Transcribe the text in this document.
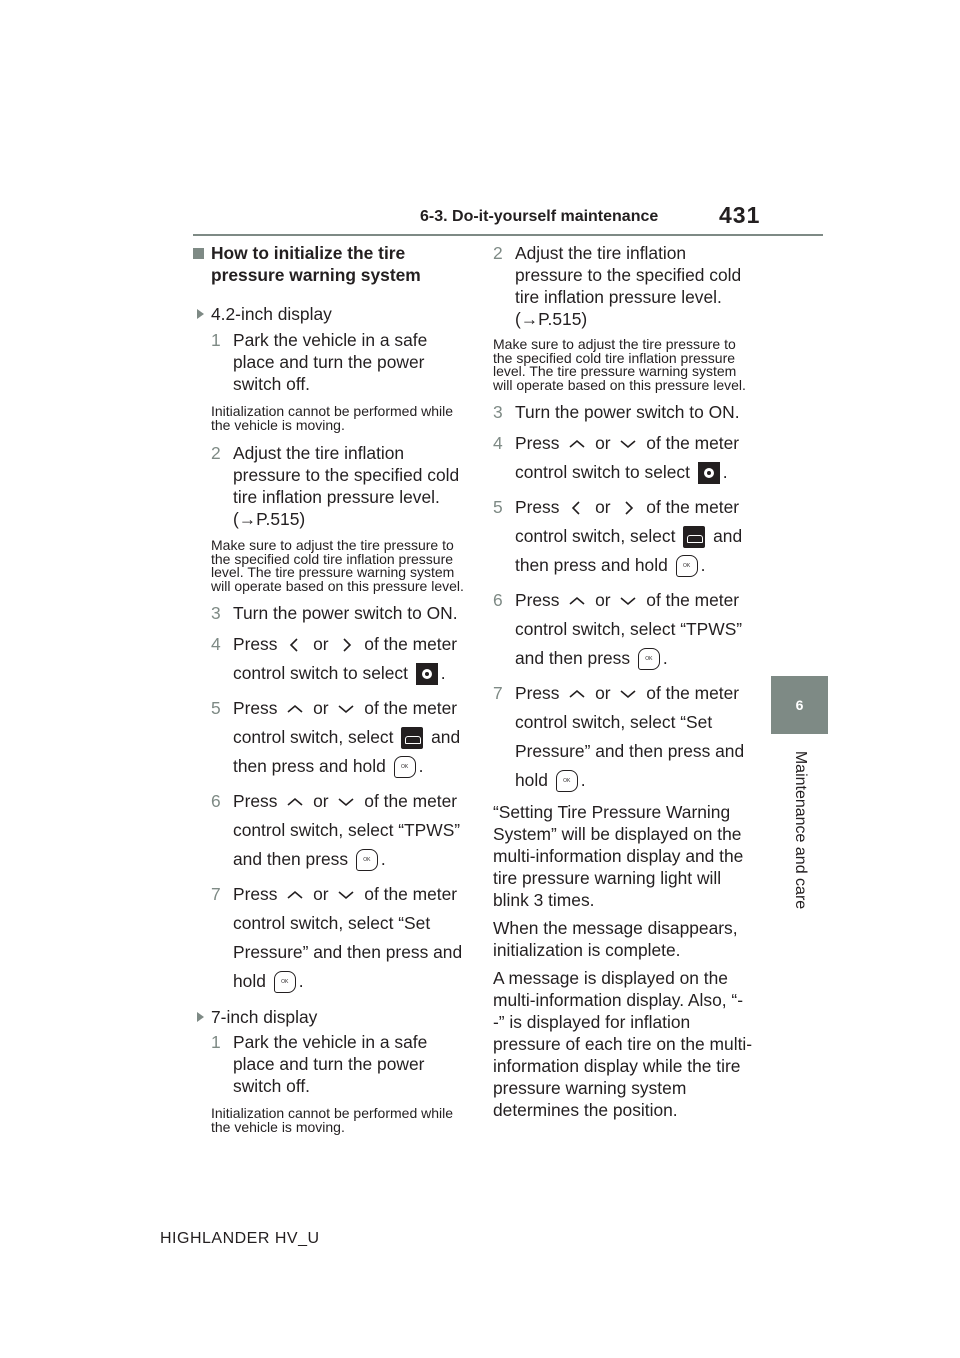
6-3. Do-it-yourself maintenance	431
6
Maintenance and care

How to initialize the tire pressure warning system

4.2-inch display

1 Park the vehicle in a safe place and turn the power switch off.

Initialization cannot be performed while the vehicle is moving.

2 Adjust the tire inflation pressure to the specified cold tire inflation pressure level. (→P.515)

Make sure to adjust the tire pressure to the specified cold tire inflation pressure level. The tire pressure warning system will operate based on this pressure level.

3 Turn the power switch to ON.

4 Press or of the meter control switch to select .

5 Press or of the meter control switch, select and then press and hold	OK .

6 Press or of the meter control switch, select “TPWS” and then press	OK .

7 Press or of the meter control switch, select “Set Pressure” and then press and hold	OK .

7-inch display

1 Park the vehicle in a safe place and turn the power switch off.

Initialization cannot be performed while the vehicle is moving.

2 Adjust the tire inflation pressure to the specified cold tire inflation pressure level. (→P.515)

Make sure to adjust the tire pressure to the specified cold tire inflation pressure level. The tire pressure warning system will operate based on this pressure level.

3 Turn the power switch to ON.

4 Press or of the meter control switch to select .

5 Press or of the meter control switch, select and then press and hold	OK .

6 Press or of the meter control switch, select “TPWS” and then press	OK .

7 Press or of the meter control switch, select “Set Pressure” and then press and hold	OK .

“Setting Tire Pressure Warning System” will be displayed on the multi-information display and the tire pressure warning light will blink 3 times.

When the message disappears, initialization is complete.

A message is displayed on the multi-information display. Also, “--” is displayed for inflation pressure of each tire on the multi-information display while the tire pressure warning system determines the position.

HIGHLANDER HV_U
